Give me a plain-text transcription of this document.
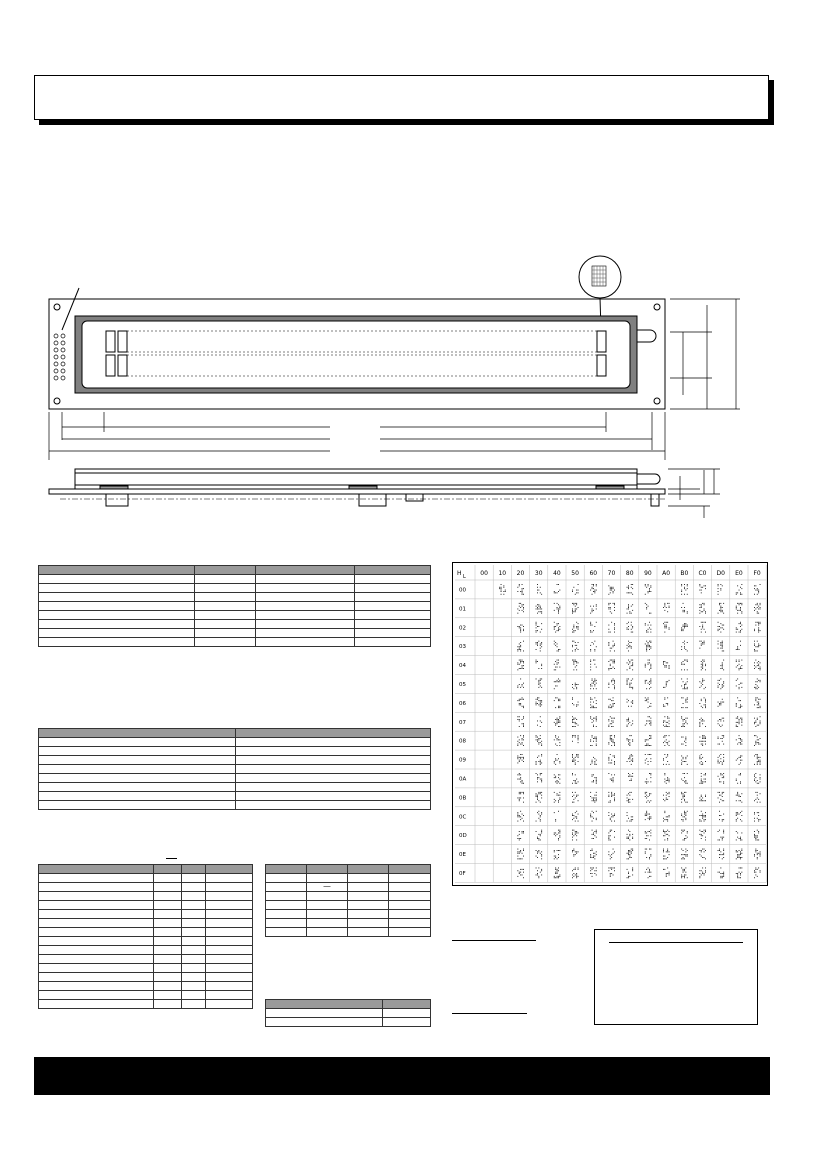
	—		

H L 00 10 20 30 40 50 60 70 80 90 A0 B0 C0 D0 E0 F0
00
01
02
03
04
05
06
07
08
09
0A
0B
0C
0D
0E
0F
